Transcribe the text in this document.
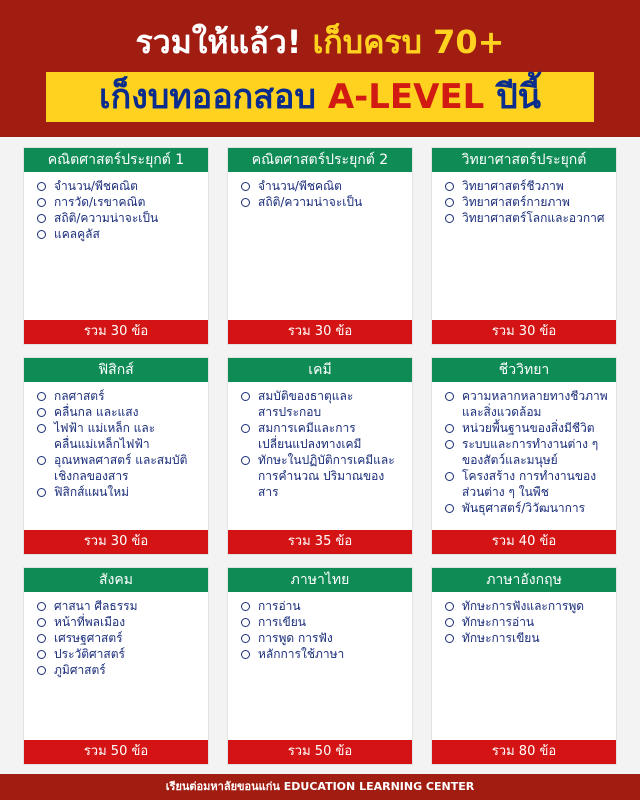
รวมให้แล้ว! เก็บครบ 70+
เก็งบทออกสอบ A-LEVEL ปีนี้
คณิตศาสตร์ประยุกต์ 1
จำนวน/พีชคณิต
การวัด/เรขาคณิต
สถิติ/ความน่าจะเป็น
แคลคูลัส
รวม 30 ข้อ
คณิตศาสตร์ประยุกต์ 2
จำนวน/พีชคณิต
สถิติ/ความน่าจะเป็น
รวม 30 ข้อ
วิทยาศาสตร์ประยุกต์
วิทยาศาสตร์ชีวภาพ
วิทยาศาสตร์กายภาพ
วิทยาศาสตร์โลกและอวกาศ
รวม 30 ข้อ
ฟิสิกส์
กลศาสตร์
คลื่นกล และแสง
ไฟฟ้า แม่เหล็ก และคลื่นแม่เหล็กไฟฟ้า
อุณหพลศาสตร์ และสมบัติเชิงกลของสาร
ฟิสิกส์แผนใหม่
รวม 30 ข้อ
เคมี
สมบัติของธาตุและสารประกอบ
สมการเคมีและการเปลี่ยนแปลงทางเคมี
ทักษะในปฏิบัติการเคมีและการคำนวณ ปริมาณของสาร
รวม 35 ข้อ
ชีววิทยา
ความหลากหลายทางชีวภาพและสิ่งแวดล้อม
หน่วยพื้นฐานของสิ่งมีชีวิต
ระบบและการทำงานต่าง ๆ ของสัตว์และมนุษย์
โครงสร้าง การทำงานของส่วนต่าง ๆ ในพืช
พันธุศาสตร์/วิวัฒนาการ
รวม 40 ข้อ
สังคม
ศาสนา ศีลธรรม
หน้าที่พลเมือง
เศรษฐศาสตร์
ประวัติศาสตร์
ภูมิศาสตร์
รวม 50 ข้อ
ภาษาไทย
การอ่าน
การเขียน
การพูด การฟัง
หลักการใช้ภาษา
รวม 50 ข้อ
ภาษาอังกฤษ
ทักษะการฟังและการพูด
ทักษะการอ่าน
ทักษะการเขียน
รวม 80 ข้อ
เรียนต่อมหาลัยขอนแก่น EDUCATION LEARNING CENTER
